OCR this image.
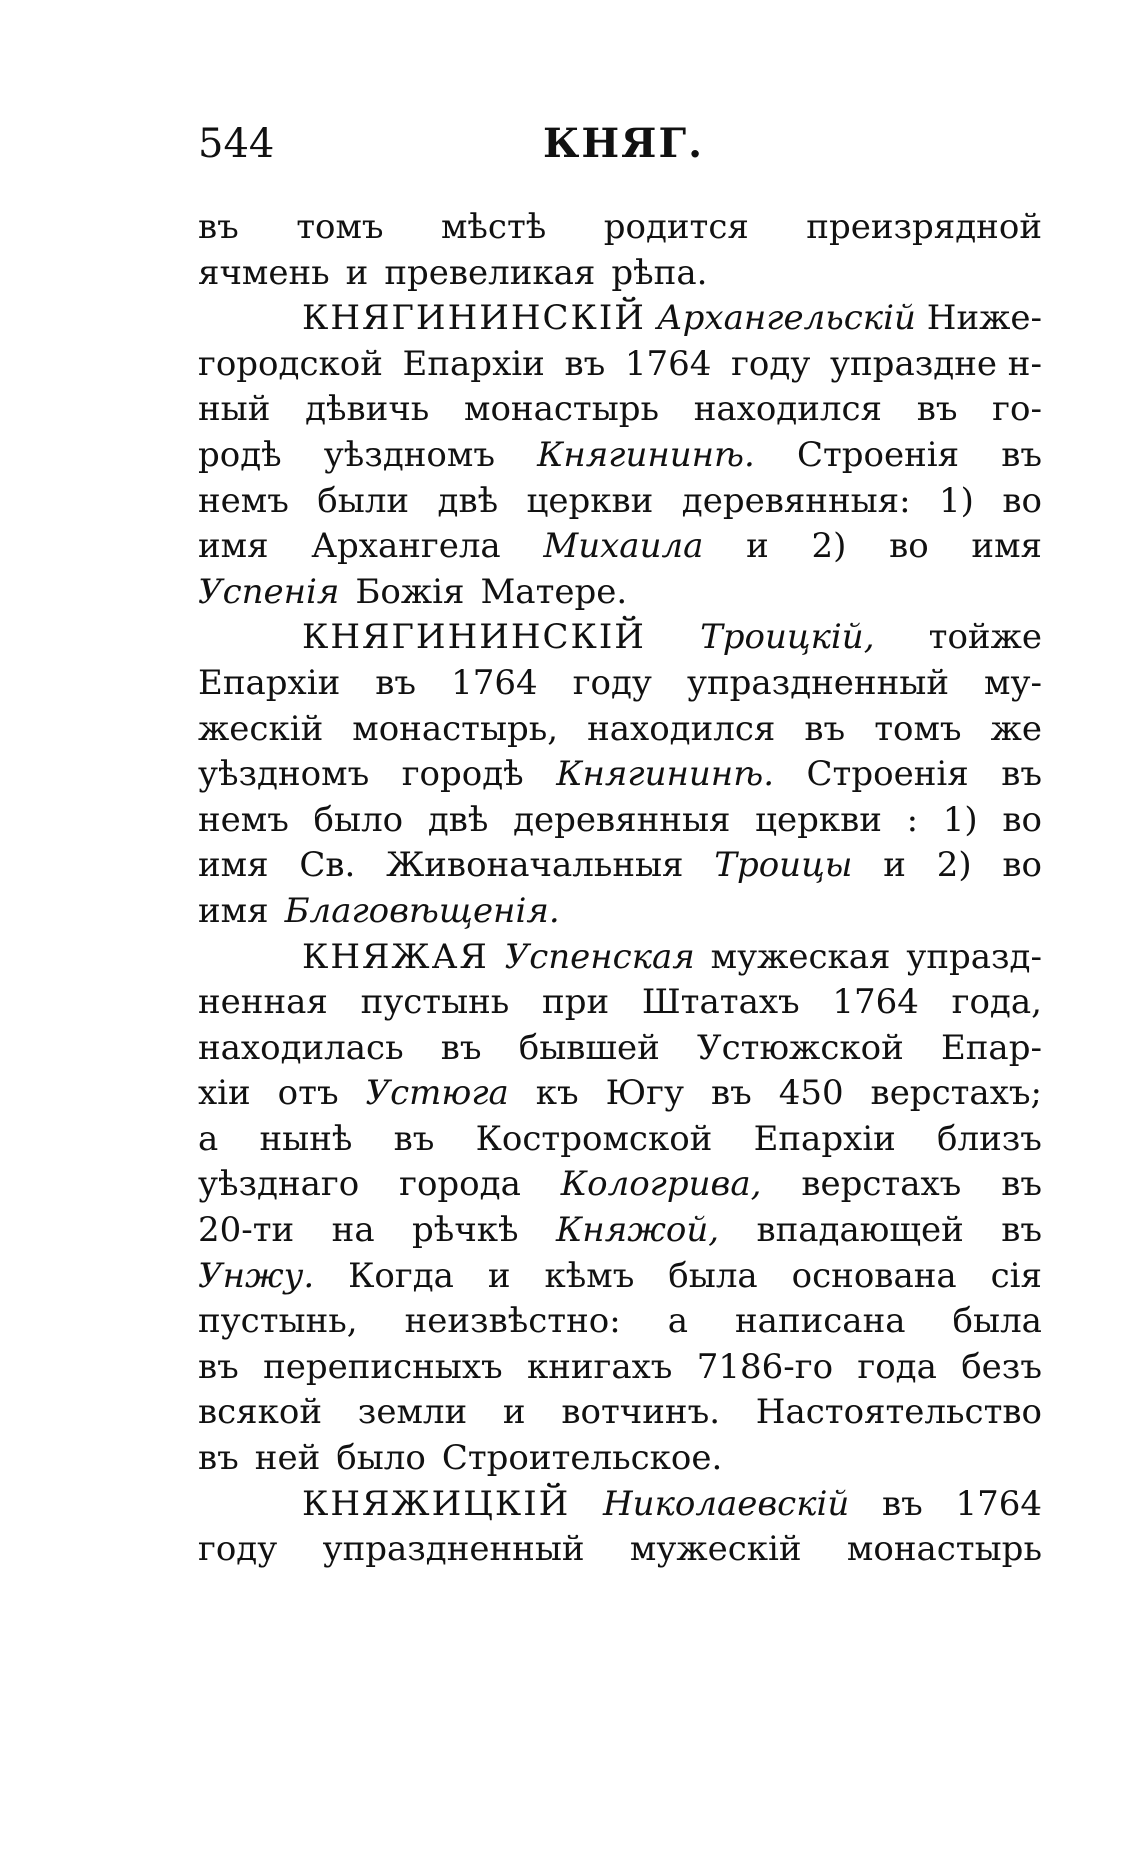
544	КНЯГ.
въ томъ мѣстѣ родится преизрядной
ячмень и превеликая рѣпа.
КНЯГИНИНСКІЙ Архангельскій Ниже-
городской Епархіи въ 1764 году упраздне н-
ный дѣвичь монастырь находился въ го-
родѣ уѣздномъ Княгининѣ. Строенія въ
немъ были двѣ церкви деревянныя: 1) во
имя Архангела Михаила и 2) во имя
Успенія Божія Матере.
КНЯГИНИНСКІЙ Троицкій, тойже
Епархіи въ 1764 году упраздненный му-
жескій монастырь, находился въ томъ же
уѣздномъ городѣ Княгининѣ. Строенія въ
немъ было двѣ деревянныя церкви : 1) во
имя Св. Живоначальныя Троицы и 2) во
имя Благовѣщенія.
КНЯЖАЯ Успенская мужеская упразд-
ненная пустынь при Штатахъ 1764 года,
находилась въ бывшей Устюжской Епар-
хіи отъ Устюга къ Югу въ 450 верстахъ;
а нынѣ въ Костромской Епархіи близъ
уѣзднаго города Кологрива, верстахъ въ
20-ти на рѣчкѣ Княжой, впадающей въ
Унжу. Когда и кѣмъ была основана сія
пустынь, неизвѣстно: а написана была
въ переписныхъ книгахъ 7186-го года безъ
всякой земли и вотчинъ. Настоятельство
въ ней было Строительское.
КНЯЖИЦКІЙ Николаевскій въ 1764
году упраздненный мужескій монастырь
